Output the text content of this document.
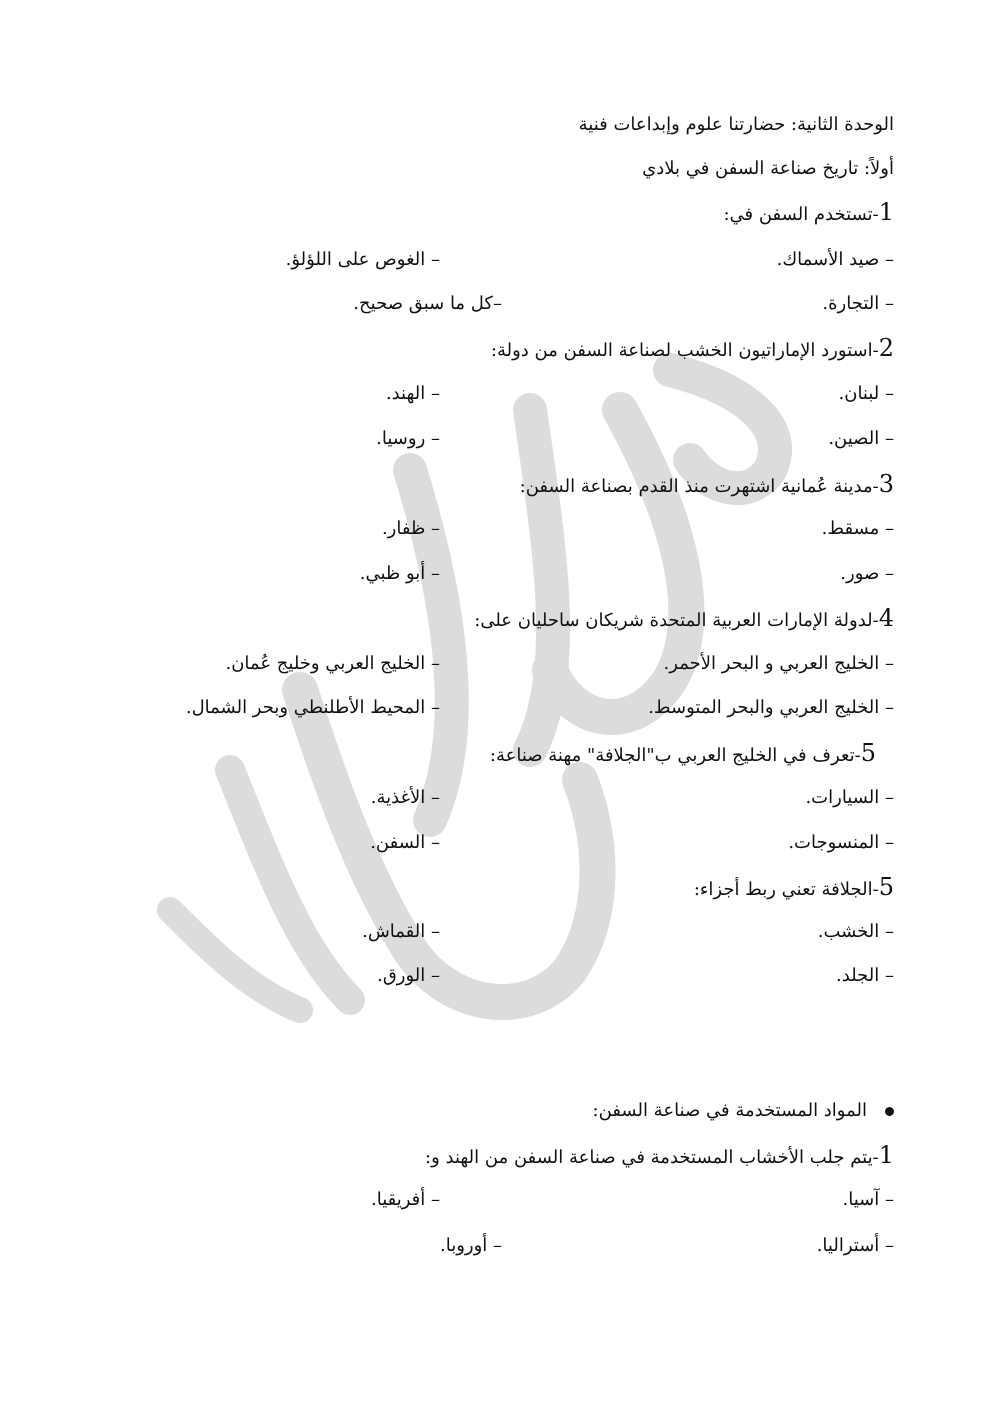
الوحدة الثانية: حضارتنا علوم وإبداعات فنية
أولاً: تاريخ صناعة السفن في بلادي
1-تستخدم السفن في:
– صيد الأسماك.
– الغوص على اللؤلؤ.
– التجارة.
–كل ما سبق صحيح.
2-استورد الإماراتيون الخشب لصناعة السفن من دولة:
– لبنان.
– الهند.
– الصين.
– روسيا.
3-مدينة عُمانية اشتهرت منذ القدم بصناعة السفن:
– مسقط.
– ظفار.
– صور.
– أبو ظبي.
4-لدولة الإمارات العربية المتحدة شريكان ساحليان على:
– الخليج العربي و البحر الأحمر.
– الخليج العربي وخليج عُمان.
– الخليج العربي والبحر المتوسط.
– المحيط الأطلنطي وبحر الشمال.
5-تعرف في الخليج العربي ب"الجلافة" مهنة صناعة:
– السيارات.
– الأغذية.
– المنسوجات.
– السفن.
5-الجلافة تعني ربط أجزاء:
– الخشب.
– القماش.
– الجلد.
– الورق.
المواد المستخدمة في صناعة السفن:
1-يتم جلب الأخشاب المستخدمة في صناعة السفن من الهند و:
– آسيا.
– أفريقيا.
– أستراليا.
– أوروبا.
